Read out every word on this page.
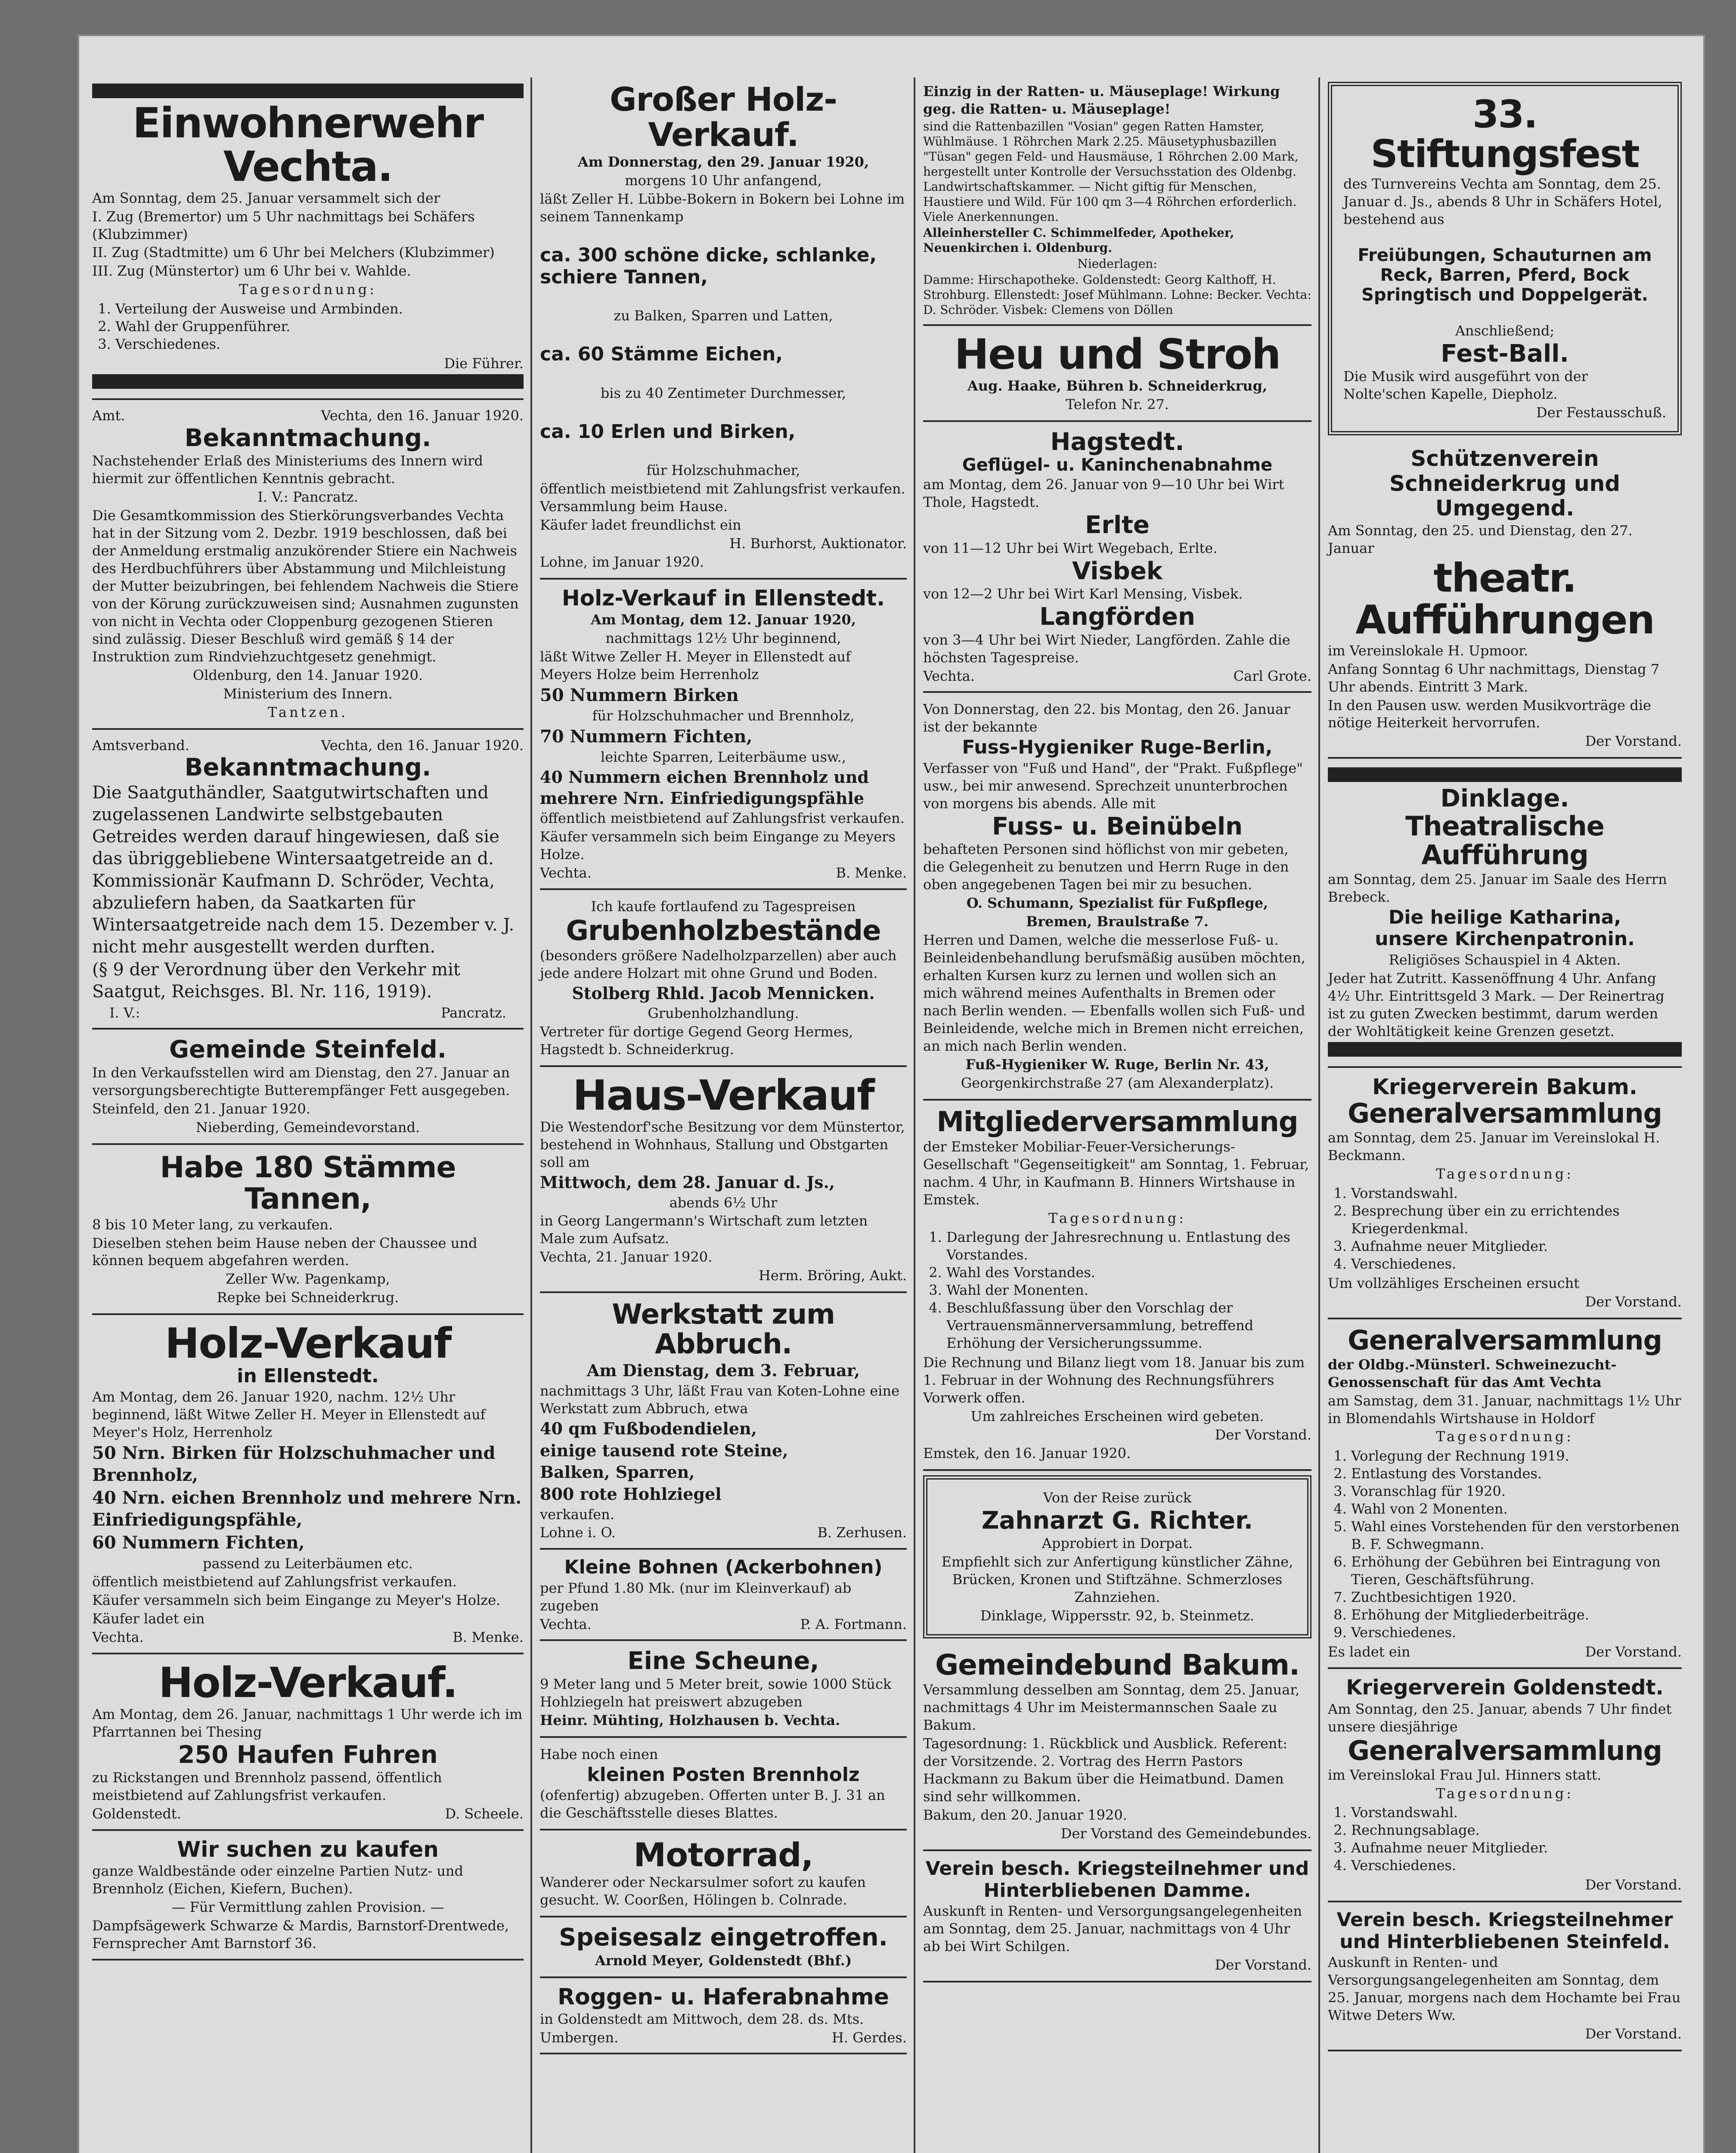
Einwohnerwehr Vechta.

Am Sonntag, dem 25. Januar versammelt sich der

I. Zug (Bremertor) um 5 Uhr nachmittags bei Schäfers (Klubzimmer)

II. Zug (Stadtmitte) um 6 Uhr bei Melchers (Klubzimmer)

III. Zug (Münstertor) um 6 Uhr bei v. Wahlde.

Tagesordnung:

1. Verteilung der Ausweise und Armbinden.
2. Wahl der Gruppenführer.
3. Verschiedenes.

Die Führer.

Amt.	Vechta, den 16. Januar 1920.
Bekanntmachung.

Nachstehender Erlaß des Ministeriums des Innern wird hiermit zur öffentlichen Kenntnis gebracht.

I. V.: Pancratz.

Die Gesamtkommission des Stierkörungsverbandes Vechta hat in der Sitzung vom 2. Dezbr. 1919 beschlossen, daß bei der Anmeldung erstmalig anzukörender Stiere ein Nachweis des Herdbuchführers über Abstammung und Milchleistung der Mutter beizubringen, bei fehlendem Nachweis die Stiere von der Körung zurückzuweisen sind; Ausnahmen zugunsten von nicht in Vechta oder Cloppenburg gezogenen Stieren sind zulässig. Dieser Beschluß wird gemäß § 14 der Instruktion zum Rindviehzuchtgesetz genehmigt.

Oldenburg, den 14. Januar 1920.

Ministerium des Innern.

Tantzen.

Amtsverband.	Vechta, den 16. Januar 1920.
Bekanntmachung.

Die Saatguthändler, Saatgutwirtschaften und zugelassenen Landwirte selbstgebauten Getreides werden darauf hingewiesen, daß sie das übriggebliebene Wintersaatgetreide an d. Kommissionär Kaufmann D. Schröder, Vechta, abzuliefern haben, da Saatkarten für Wintersaatgetreide nach dem 15. Dezember v. J. nicht mehr ausgestellt werden durften.

(§ 9 der Verordnung über den Verkehr mit Saatgut, Reichsges. Bl. Nr. 116, 1919).

I. V.:	Pancratz.
Gemeinde Steinfeld.

In den Verkaufsstellen wird am Dienstag, den 27. Januar an versorgungsberechtigte Butterempfänger Fett ausgegeben.

Steinfeld, den 21. Januar 1920.

Nieberding, Gemeindevorstand.

Habe 180 Stämme Tannen,

8 bis 10 Meter lang, zu verkaufen.

Dieselben stehen beim Hause neben der Chaussee und können bequem abgefahren werden.

Zeller Ww. Pagenkamp,

Repke bei Schneiderkrug.

Holz-Verkauf
in Ellenstedt.

Am Montag, dem 26. Januar 1920, nachm. 12½ Uhr beginnend, läßt Witwe Zeller H. Meyer in Ellenstedt auf Meyer's Holz, Herrenholz

50 Nrn. Birken für Holzschuhmacher und Brennholz,

40 Nrn. eichen Brennholz und mehrere Nrn. Einfriedigungspfähle,

60 Nummern Fichten,

passend zu Leiterbäumen etc.

öffentlich meistbietend auf Zahlungsfrist verkaufen.

Käufer versammeln sich beim Eingange zu Meyer's Holze.

Käufer ladet ein

Vechta.	B. Menke.
Holz-Verkauf.

Am Montag, dem 26. Januar, nachmittags 1 Uhr werde ich im Pfarrtannen bei Thesing

250 Haufen Fuhren

zu Rickstangen und Brennholz passend, öffentlich meistbietend auf Zahlungsfrist verkaufen.

Goldenstedt.	D. Scheele.
Wir suchen zu kaufen

ganze Waldbestände oder einzelne Partien Nutz- und Brennholz (Eichen, Kiefern, Buchen).

— Für Vermittlung zahlen Provision. —

Dampfsägewerk Schwarze & Mardis, Barnstorf-Drentwede, Fernsprecher Amt Barnstorf 36.

Großer Holz-Verkauf.

Am Donnerstag, den 29. Januar 1920,

morgens 10 Uhr anfangend,

läßt Zeller H. Lübbe-Bokern in Bokern bei Lohne im seinem Tannenkamp

ca. 300 schöne dicke, schlanke, schiere Tannen,

zu Balken, Sparren und Latten,

ca. 60 Stämme Eichen,

bis zu 40 Zentimeter Durchmesser,

ca. 10 Erlen und Birken,

für Holzschuhmacher,

öffentlich meistbietend mit Zahlungsfrist verkaufen. Versammlung beim Hause.

Käufer ladet freundlichst ein

H. Burhorst, Auktionator.

Lohne, im Januar 1920.

Holz-Verkauf in Ellenstedt.

Am Montag, dem 12. Januar 1920,

nachmittags 12½ Uhr beginnend,

läßt Witwe Zeller H. Meyer in Ellenstedt auf Meyers Holze beim Herrenholz

50 Nummern Birken

für Holzschuhmacher und Brennholz,

70 Nummern Fichten,

leichte Sparren, Leiterbäume usw.,

40 Nummern eichen Brennholz und mehrere Nrn. Einfriedigungspfähle

öffentlich meistbietend auf Zahlungsfrist verkaufen.

Käufer versammeln sich beim Eingange zu Meyers Holze.

Vechta.	B. Menke.

Ich kaufe fortlaufend zu Tagespreisen

Grubenholzbestände

(besonders größere Nadelholzparzellen) aber auch jede andere Holzart mit ohne Grund und Boden.

Stolberg Rhld. Jacob Mennicken.

Grubenholzhandlung.

Vertreter für dortige Gegend Georg Hermes, Hagstedt b. Schneiderkrug.

Haus-Verkauf

Die Westendorf'sche Besitzung vor dem Münstertor, bestehend in Wohnhaus, Stallung und Obstgarten soll am

Mittwoch, dem 28. Januar d. Js.,

abends 6½ Uhr

in Georg Langermann's Wirtschaft zum letzten Male zum Aufsatz.

Vechta, 21. Januar 1920.

Herm. Bröring, Aukt.

Werkstatt zum Abbruch.

Am Dienstag, dem 3. Februar,

nachmittags 3 Uhr, läßt Frau van Koten-Lohne eine Werkstatt zum Abbruch, etwa

40 qm Fußbodendielen,

einige tausend rote Steine,

Balken, Sparren,

800 rote Hohlziegel

verkaufen.

Lohne i. O.	B. Zerhusen.
Kleine Bohnen (Ackerbohnen)

per Pfund 1.80 Mk. (nur im Kleinverkauf) ab zugeben

Vechta.	P. A. Fortmann.
Eine Scheune,

9 Meter lang und 5 Meter breit, sowie 1000 Stück Hohlziegeln hat preiswert abzugeben

Heinr. Mühting, Holzhausen b. Vechta.

Habe noch einen

kleinen Posten Brennholz

(ofenfertig) abzugeben. Offerten unter B. J. 31 an die Geschäftsstelle dieses Blattes.

Motorrad,

Wanderer oder Neckarsulmer sofort zu kaufen gesucht. W. Coorßen, Hölingen b. Colnrade.

Speisesalz eingetroffen.

Arnold Meyer, Goldenstedt (Bhf.)

Roggen- u. Haferabnahme

in Goldenstedt am Mittwoch, dem 28. ds. Mts.

Umbergen.	H. Gerdes.

Einzig in der Ratten- u. Mäuseplage! Wirkung geg. die Ratten- u. Mäuseplage!

sind die Rattenbazillen "Vosian" gegen Ratten Hamster, Wühlmäuse. 1 Röhrchen Mark 2.25. Mäusetyphusbazillen "Tüsan" gegen Feld- und Hausmäuse, 1 Röhrchen 2.00 Mark, hergestellt unter Kontrolle der Versuchsstation des Oldenbg. Landwirtschaftskammer. — Nicht giftig für Menschen, Haustiere und Wild. Für 100 qm 3—4 Röhrchen erforderlich. Viele Anerkennungen.

Alleinhersteller C. Schimmelfeder, Apotheker, Neuenkirchen i. Oldenburg.

Niederlagen:

Damme: Hirschapotheke. Goldenstedt: Georg Kalthoff, H. Strohburg. Ellenstedt: Josef Mühlmann. Lohne: Becker. Vechta: D. Schröder. Visbek: Clemens von Döllen

Heu und Stroh

Aug. Haake, Bühren b. Schneiderkrug,

Telefon Nr. 27.

Hagstedt.
Geflügel- u. Kaninchenabnahme

am Montag, dem 26. Januar von 9—10 Uhr bei Wirt Thole, Hagstedt.

Erlte

von 11—12 Uhr bei Wirt Wegebach, Erlte.

Visbek

von 12—2 Uhr bei Wirt Karl Mensing, Visbek.

Langförden

von 3—4 Uhr bei Wirt Nieder, Langförden. Zahle die höchsten Tagespreise.

Vechta.	Carl Grote.

Von Donnerstag, den 22. bis Montag, den 26. Januar ist der bekannte

Fuss-Hygieniker Ruge-Berlin,

Verfasser von "Fuß und Hand", der "Prakt. Fußpflege" usw., bei mir anwesend. Sprechzeit ununterbrochen von morgens bis abends. Alle mit

Fuss- u. Beinübeln

behafteten Personen sind höflichst von mir gebeten, die Gelegenheit zu benutzen und Herrn Ruge in den oben angegebenen Tagen bei mir zu besuchen.

O. Schumann, Spezialist für Fußpflege,

Bremen, Braulstraße 7.

Herren und Damen, welche die messerlose Fuß- u. Beinleidenbehandlung berufsmäßig ausüben möchten, erhalten Kursen kurz zu lernen und wollen sich an mich während meines Aufenthalts in Bremen oder nach Berlin wenden. — Ebenfalls wollen sich Fuß- und Beinleidende, welche mich in Bremen nicht erreichen, an mich nach Berlin wenden.

Fuß-Hygieniker W. Ruge, Berlin Nr. 43,

Georgenkirchstraße 27 (am Alexanderplatz).

Mitgliederversammlung

der Emsteker Mobiliar-Feuer-Versicherungs-Gesellschaft "Gegenseitigkeit" am Sonntag, 1. Februar, nachm. 4 Uhr, in Kaufmann B. Hinners Wirtshause in Emstek.

Tagesordnung:

1. Darlegung der Jahresrechnung u. Entlastung des Vorstandes.
2. Wahl des Vorstandes.
3. Wahl der Monenten.
4. Beschlußfassung über den Vorschlag der Vertrauensmännerversammlung, betreffend Erhöhung der Versicherungssumme.

Die Rechnung und Bilanz liegt vom 18. Januar bis zum 1. Februar in der Wohnung des Rechnungsführers Vorwerk offen.

Um zahlreiches Erscheinen wird gebeten.

Der Vorstand.

Emstek, den 16. Januar 1920.

Von der Reise zurück

Zahnarzt G. Richter.

Approbiert in Dorpat.

Empfiehlt sich zur Anfertigung künstlicher Zähne, Brücken, Kronen und Stiftzähne. Schmerzloses Zahnziehen.

Dinklage, Wippersstr. 92, b. Steinmetz.

Gemeindebund Bakum.

Versammlung desselben am Sonntag, dem 25. Januar, nachmittags 4 Uhr im Meistermannschen Saale zu Bakum.

Tagesordnung: 1. Rückblick und Ausblick. Referent: der Vorsitzende. 2. Vortrag des Herrn Pastors Hackmann zu Bakum über die Heimatbund. Damen sind sehr willkommen.

Bakum, den 20. Januar 1920.

Der Vorstand des Gemeindebundes.

Verein besch. Kriegsteilnehmer und Hinterbliebenen Damme.

Auskunft in Renten- und Versorgungsangelegenheiten am Sonntag, dem 25. Januar, nachmittags von 4 Uhr ab bei Wirt Schilgen.

Der Vorstand.

33. Stiftungsfest

des Turnvereins Vechta am Sonntag, dem 25. Januar d. Js., abends 8 Uhr in Schäfers Hotel, bestehend aus

Freiübungen, Schauturnen am Reck, Barren, Pferd, Bock Springtisch und Doppelgerät.

Anschließend;

Fest-Ball.

Die Musik wird ausgeführt von der Nolte'schen Kapelle, Diepholz.

Der Festausschuß.

Schützenverein Schneiderkrug und Umgegend.

Am Sonntag, den 25. und Dienstag, den 27. Januar

theatr. Aufführungen

im Vereinslokale H. Upmoor.

Anfang Sonntag 6 Uhr nachmittags, Dienstag 7 Uhr abends. Eintritt 3 Mark.

In den Pausen usw. werden Musikvorträge die nötige Heiterkeit hervorrufen.

Der Vorstand.

Dinklage.
Theatralische Aufführung

am Sonntag, dem 25. Januar im Saale des Herrn Brebeck.

Die heilige Katharina,
unsere Kirchenpatronin.

Religiöses Schauspiel in 4 Akten.

Jeder hat Zutritt. Kassenöffnung 4 Uhr. Anfang 4½ Uhr. Eintrittsgeld 3 Mark. — Der Reinertrag ist zu guten Zwecken bestimmt, darum werden der Wohltätigkeit keine Grenzen gesetzt.

Kriegerverein Bakum.
Generalversammlung

am Sonntag, dem 25. Januar im Vereinslokal H. Beckmann.

Tagesordnung:

1. Vorstandswahl.
2. Besprechung über ein zu errichtendes Kriegerdenkmal.
3. Aufnahme neuer Mitglieder.
4. Verschiedenes.

Um vollzähliges Erscheinen ersucht

Der Vorstand.

Generalversammlung

der Oldbg.-Münsterl. Schweinezucht-Genossenschaft für das Amt Vechta

am Samstag, dem 31. Januar, nachmittags 1½ Uhr in Blomendahls Wirtshause in Holdorf

Tagesordnung:

1. Vorlegung der Rechnung 1919.
2. Entlastung des Vorstandes.
3. Voranschlag für 1920.
4. Wahl von 2 Monenten.
5. Wahl eines Vorstehenden für den verstorbenen B. F. Schwegmann.
6. Erhöhung der Gebühren bei Eintragung von Tieren, Geschäftsführung.
7. Zuchtbesichtigen 1920.
8. Erhöhung der Mitgliederbeiträge.
9. Verschiedenes.
Es ladet ein	Der Vorstand.
Kriegerverein Goldenstedt.

Am Sonntag, den 25. Januar, abends 7 Uhr findet unsere diesjährige

Generalversammlung

im Vereinslokal Frau Jul. Hinners statt.

Tagesordnung:

1. Vorstandswahl.
2. Rechnungsablage.
3. Aufnahme neuer Mitglieder.
4. Verschiedenes.

Der Vorstand.

Verein besch. Kriegsteilnehmer und Hinterbliebenen Steinfeld.

Auskunft in Renten- und Versorgungsangelegenheiten am Sonntag, dem 25. Januar, morgens nach dem Hochamte bei Frau Witwe Deters Ww.

Der Vorstand.
